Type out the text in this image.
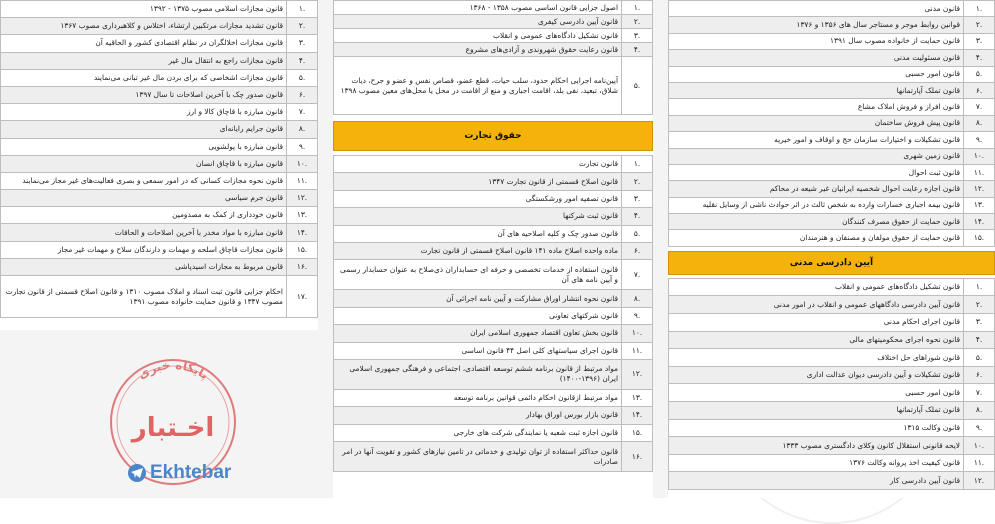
.۱	قانون مجازات اسلامی مصوب ۱۳۷۵ - ۱۳۹۲
.۲	قانون تشدید مجازات مرتکبین ارتشاء، اختلاس و کلاهبرداری مصوب ۱۳۶۷
.۳	قانون مجازات اخلالگران در نظام اقتصادی کشور و الحاقیه آن
.۴	قانون مجازات راجع به انتقال مال غیر
.۵	قانون مجازات اشخاصی که برای بردن مال غیر تبانی می‌نمایند
.۶	قانون صدور چک با آخرین اصلاحات تا سال ۱۳۹۷
.۷	قانون مبارزه با قاچاق کالا و ارز
.۸	قانون جرایم رایانه‌ای
.۹	قانون مبارزه با پولشویی
.۱۰	قانون مبارزه با قاچاق انسان
.۱۱	قانون نحوه مجازات کسانی که در امور سمعی و بصری فعالیت‌های غیر مجاز می‌نمایند
.۱۲	قانون جرم سیاسی
.۱۳	قانون خودداری از کمک به مصدومین
.۱۴	قانون مبارزه با مواد مخدر با آخرین اصلاحات و الحاقات
.۱۵	قانون مجازات قاچاق اسلحه و مهمات و دارندگان سلاح و مهمات غیر مجاز
.۱۶	قانون مربوط به مجازات اسیدپاشی
.۱۷	احکام جزایی قانون ثبت اسناد و املاک مصوب ۱۳۱۰ و قانون اصلاح قسمتی از قانون تجارت مصوب ۱۳۴۷ و قانون حمایت خانواده مصوب ۱۳۹۱
.۱	اصول جزایی قانون اساسی مصوب ۱۳۵۸ - ۱۳۶۸
.۲	قانون آیین دادرسی کیفری
.۳	قانون تشکیل دادگاه‌های عمومی و انقلاب
.۴	قانون رعایت حقوق شهروندی و آزادی‌های مشروع
.۵	آیین‌نامه اجرایی احکام حدود، سلب حیات، قطع عضو، قصاص نفس و عضو و جرح، دیات شلاق، تبعید، نفی بلد، اقامت اجباری و منع از اقامت در محل یا محل‌های معین مصوب ۱۳۹۸
حقوق تجارت
.۱	قانون تجارت
.۲	قانون اصلاح قسمتی از قانون تجارت ۱۳۴۷
.۳	قانون تصفیه امور ورشکستگی
.۴	قانون ثبت شرکتها
.۵	قانون صدور چک و کلیه اصلاحیه های آن
.۶	ماده واحده اصلاح ماده ۱۴۱ قانون اصلاح قسمتی از قانون تجارت
.۷	قانون استفاده از خدمات تخصصی و حرفه ای حسابداران ذی‌صلاح به عنوان حسابدار رسمی و آیین نامه های آن
.۸	قانون نحوه انتشار اوراق مشارکت و آیین نامه اجرائی آن
.۹	قانون شرکتهای تعاونی
.۱۰	قانون بخش تعاون اقتصاد جمهوری اسلامی ایران
.۱۱	قانون اجرای سیاستهای کلی اصل ۴۴ قانون اساسی
.۱۲	مواد مرتبط از قانون برنامه ششم توسعه اقتصادی، اجتماعی و فرهنگی جمهوری اسلامی ایران (۱۳۹۶-۱۴۰۰)
.۱۳	مواد مرتبط ازقانون احکام دائمی قوانین برنامه توسعه
.۱۴	قانون بازار بورس اوراق بهادار
.۱۵	قانون اجازه ثبت شعبه یا نمایندگی شرکت های خارجی
.۱۶	قانون حداکثر استفاده از توان تولیدی و خدماتی در تامین نیازهای کشور و تقویت آنها در امر صادرات
.۱	قانون مدنی
.۲	قوانین روابط موجر و مستاجر سال های ۱۳۵۶ و ۱۳۷۶
.۳	قانون حمایت از خانواده مصوب سال ۱۳۹۱
.۴	قانون مسئولیت مدنی
.۵	قانون امور حسبی
.۶	قانون تملک آپارتمانها
.۷	قانون افراز و فروش املاک مشاع
.۸	قانون پیش فروش ساختمان
.۹	قانون تشکیلات و اختیارات سازمان حج و اوقاف و امور خیریه
.۱۰	قانون زمین شهری
.۱۱	قانون ثبت احوال
.۱۲	قانون اجازه رعایت احوال شخصیه ایرانیان غیر شیعه در محاکم
.۱۳	قانون بیمه اجباری خسارات وارده به شخص ثالث در اثر حوادث ناشی از وسایل نقلیه
.۱۴	قانون حمایت از حقوق مصرف کنندگان
.۱۵	قانون حمایت از حقوق مولفان و مصنفان و هنرمندان
آیین دادرسی مدنی
.۱	قانون تشکیل دادگاه‌های عمومی و انقلاب
.۲	قانون آیین دادرسی دادگاههای عمومی و انقلاب در امور مدنی
.۳	قانون اجرای احکام مدنی
.۴	قانون نحوه اجرای محکومیتهای مالی
.۵	قانون شوراهای حل اختلاف
.۶	قانون تشکیلات و آیین دادرسی دیوان عدالت اداری
.۷	قانون امور حسبی
.۸	قانون تملک آپارتمانها
.۹	قانون وکالت ۱۳۱۵
.۱۰	لایحه قانونی استقلال کانون وکلای دادگستری مصوب ۱۳۳۳
.۱۱	قانون کیفیت اخذ پروانه وکالت ۱۳۷۶
.۱۲	قانون آیین دادرسی کار
پایگاه خبری
اخـتبار
Ekhtebar
